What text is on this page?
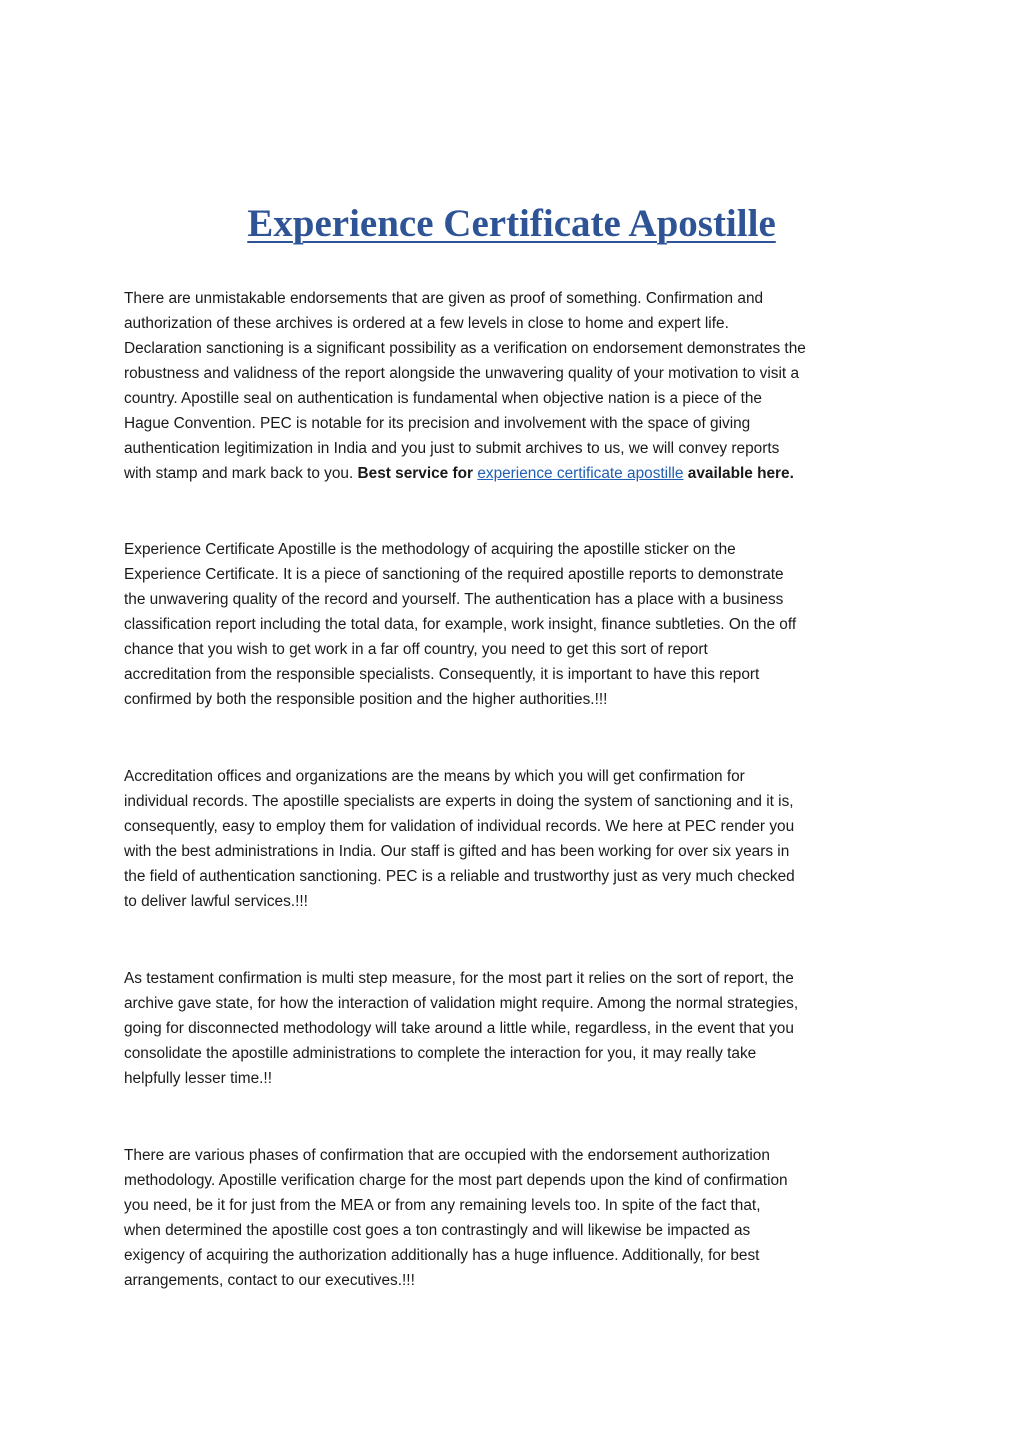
Experience Certificate Apostille

There are unmistakable endorsements that are given as proof of something. Confirmation and
authorization of these archives is ordered at a few levels in close to home and expert life.
Declaration sanctioning is a significant possibility as a verification on endorsement demonstrates the
robustness and validness of the report alongside the unwavering quality of your motivation to visit a
country. Apostille seal on authentication is fundamental when objective nation is a piece of the
Hague Convention. PEC is notable for its precision and involvement with the space of giving
authentication legitimization in India and you just to submit archives to us, we will convey reports
with stamp and mark back to you. Best service for experience certificate apostille available here.

Experience Certificate Apostille is the methodology of acquiring the apostille sticker on the
Experience Certificate. It is a piece of sanctioning of the required apostille reports to demonstrate
the unwavering quality of the record and yourself. The authentication has a place with a business
classification report including the total data, for example, work insight, finance subtleties. On the off
chance that you wish to get work in a far off country, you need to get this sort of report
accreditation from the responsible specialists. Consequently, it is important to have this report
confirmed by both the responsible position and the higher authorities.!!!

Accreditation offices and organizations are the means by which you will get confirmation for
individual records. The apostille specialists are experts in doing the system of sanctioning and it is,
consequently, easy to employ them for validation of individual records. We here at PEC render you
with the best administrations in India. Our staff is gifted and has been working for over six years in
the field of authentication sanctioning. PEC is a reliable and trustworthy just as very much checked
to deliver lawful services.!!!

As testament confirmation is multi step measure, for the most part it relies on the sort of report, the
archive gave state, for how the interaction of validation might require. Among the normal strategies,
going for disconnected methodology will take around a little while, regardless, in the event that you
consolidate the apostille administrations to complete the interaction for you, it may really take
helpfully lesser time.!!

There are various phases of confirmation that are occupied with the endorsement authorization
methodology. Apostille verification charge for the most part depends upon the kind of confirmation
you need, be it for just from the MEA or from any remaining levels too. In spite of the fact that,
when determined the apostille cost goes a ton contrastingly and will likewise be impacted as
exigency of acquiring the authorization additionally has a huge influence. Additionally, for best
arrangements, contact to our executives.!!!
